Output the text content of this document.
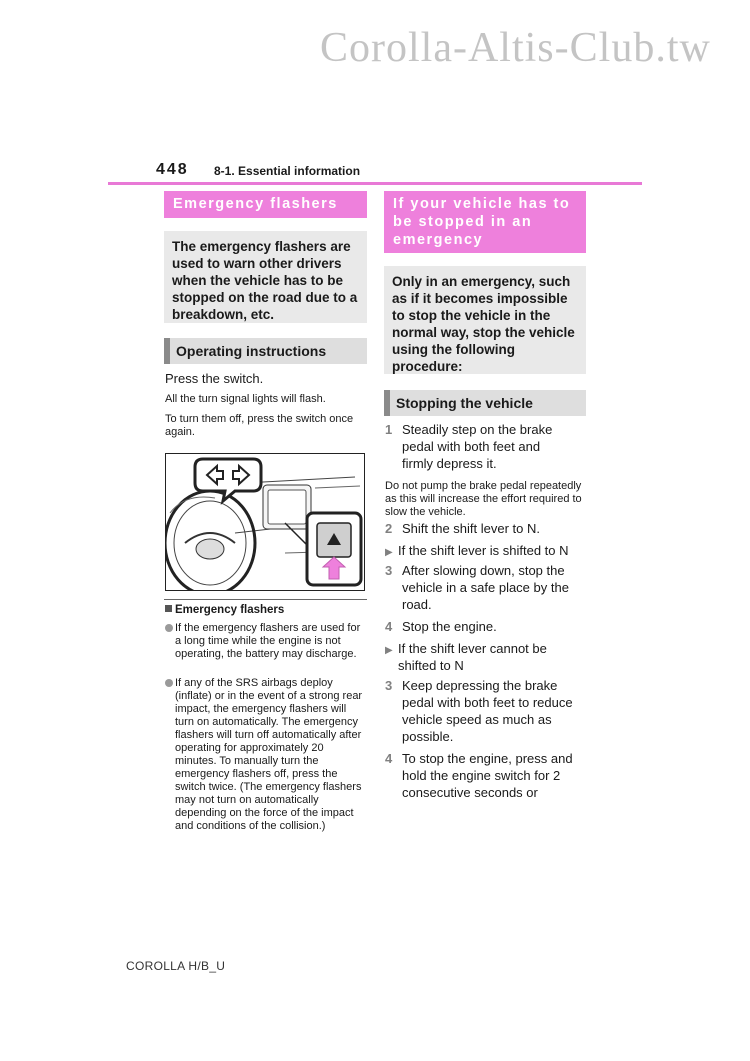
Corolla-Altis-Club.tw
448 8-1. Essential information
Emergency flashers
The emergency flashers are used to warn other drivers when the vehicle has to be stopped on the road due to a breakdown, etc.
Operating instructions
Press the switch.
All the turn signal lights will flash.
To turn them off, press the switch once again.
Emergency flashers
If the emergency flashers are used for a long time while the engine is not operating, the battery may discharge.
If any of the SRS airbags deploy (inflate) or in the event of a strong rear impact, the emergency flashers will turn on automatically. The emergency flashers will turn off automatically after operating for approximately 20 minutes. To manually turn the emergency flashers off, press the switch twice. (The emergency flashers may not turn on automatically depending on the force of the impact and conditions of the collision.)
If your vehicle has to be stopped in an emergency
Only in an emergency, such as if it becomes impossible to stop the vehicle in the normal way, stop the vehicle using the following procedure:
Stopping the vehicle
1 Steadily step on the brake pedal with both feet and firmly depress it.
Do not pump the brake pedal repeatedly as this will increase the effort required to slow the vehicle.
2 Shift the shift lever to N.
▶ If the shift lever is shifted to N
3 After slowing down, stop the vehicle in a safe place by the road.
4 Stop the engine.
▶ If the shift lever cannot be shifted to N
3 Keep depressing the brake pedal with both feet to reduce vehicle speed as much as possible.
4 To stop the engine, press and hold the engine switch for 2 consecutive seconds or
COROLLA H/B_U
